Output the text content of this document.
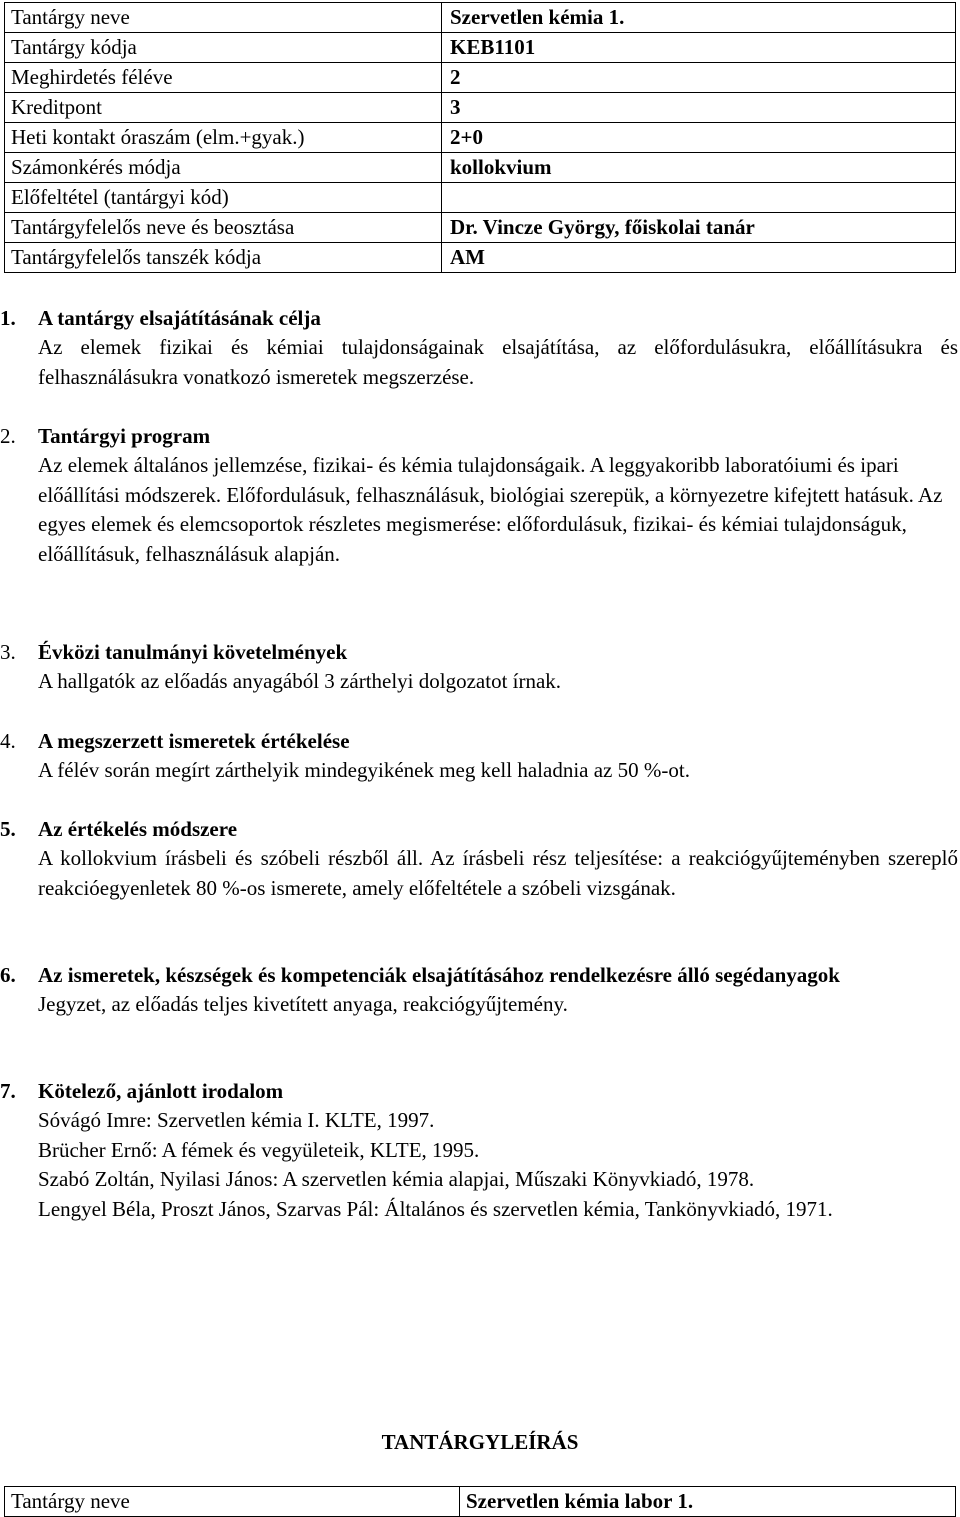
Tantárgy neve	Szervetlen kémia 1.
Tantárgy kódja	KEB1101
Meghirdetés féléve	2
Kreditpont	3
Heti kontakt óraszám (elm.+gyak.)	2+0
Számonkérés módja	kollokvium
Előfeltétel (tantárgyi kód)	
Tantárgyfelelős neve és beosztása	Dr. Vincze György, főiskolai tanár
Tantárgyfelelős tanszék kódja	AM

1. A tantárgy elsajátításának célja

Az elemek fizikai és kémiai tulajdonságainak elsajátítása, az előfordulásukra, előállításukra és felhasználásukra vonatkozó ismeretek megszerzése.

2. Tantárgyi program

Az elemek általános jellemzése, fizikai- és kémia tulajdonságaik. A leggyakoribb laboratóiumi és ipari előállítási módszerek. Előfordulásuk, felhasználásuk, biológiai szerepük, a környezetre kifejtett hatásuk. Az egyes elemek és elemcsoportok részletes megismerése: előfordulásuk, fizikai- és kémiai tulajdonságuk, előállításuk, felhasználásuk alapján.

3. Évközi tanulmányi követelmények

A hallgatók az előadás anyagából 3 zárthelyi dolgozatot írnak.

4. A megszerzett ismeretek értékelése

A félév során megírt zárthelyik mindegyikének meg kell haladnia az 50 %-ot.

5. Az értékelés módszere

A kollokvium írásbeli és szóbeli részből áll. Az írásbeli rész teljesítése: a reakciógyűjteményben szereplő reakcióegyenletek 80 %-os ismerete, amely előfeltétele a szóbeli vizsgának.

6. Az ismeretek, készségek és kompetenciák elsajátításához rendelkezésre álló segédanyagok

Jegyzet, az előadás teljes kivetített anyaga, reakciógyűjtemény.

7. Kötelező, ajánlott irodalom

Sóvágó Imre: Szervetlen kémia I. KLTE, 1997.

Brücher Ernő: A fémek és vegyületeik, KLTE, 1995.

Szabó Zoltán, Nyilasi János: A szervetlen kémia alapjai, Műszaki Könyvkiadó, 1978.

Lengyel Béla, Proszt János, Szarvas Pál: Általános és szervetlen kémia, Tankönyvkiadó, 1971.

TANTÁRGYLEÍRÁS
Tantárgy neve	Szervetlen kémia labor 1.
